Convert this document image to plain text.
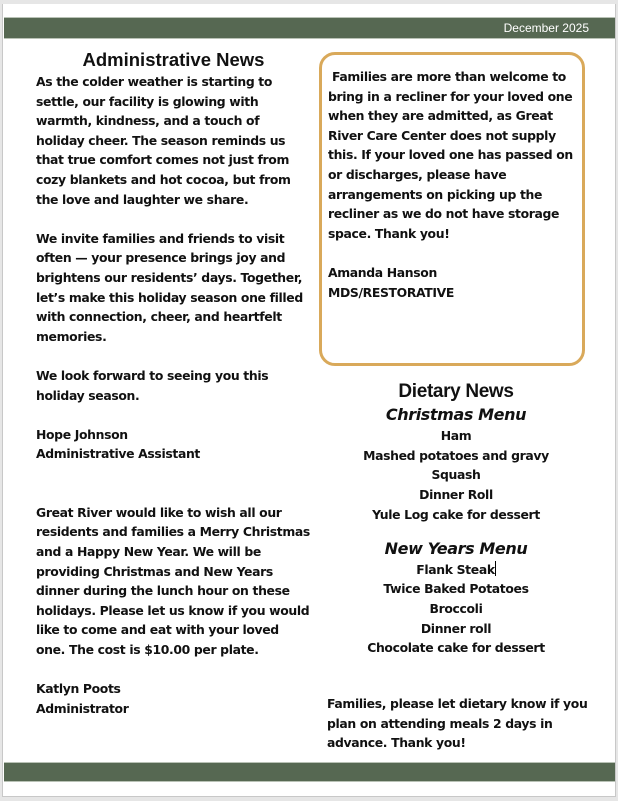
December 2025
Administrative News

As the colder weather is starting to settle, our facility is glowing with warmth, kindness, and a touch of holiday cheer. The season reminds us that true comfort comes not just from cozy blankets and hot cocoa, but from the love and laughter we share.

We invite families and friends to visit often — your presence brings joy and brightens our residents’ days. Together, let’s make this holiday season one filled with connection, cheer, and heartfelt memories.

We look forward to seeing you this holiday season.

Hope Johnson

Administrative Assistant

Great River would like to wish all our residents and families a Merry Christmas and a Happy New Year. We will be providing Christmas and New Years dinner during the lunch hour on these holidays. Please let us know if you would like to come and eat with your loved one. The cost is $10.00 per plate.

Katlyn Poots

Administrator

Families are more than welcome to bring in a recliner for your loved one when they are admitted, as Great River Care Center does not supply this. If your loved one has passed on or discharges, please have arrangements on picking up the recliner as we do not have storage space. Thank you!

Amanda Hanson

MDS/RESTORATIVE

Dietary News

Christmas Menu

Ham

Mashed potatoes and gravy

Squash

Dinner Roll

Yule Log cake for dessert

New Years Menu

Flank Steak

Twice Baked Potatoes

Broccoli

Dinner roll

Chocolate cake for dessert

Families, please let dietary know if you plan on attending meals 2 days in advance. Thank you!
